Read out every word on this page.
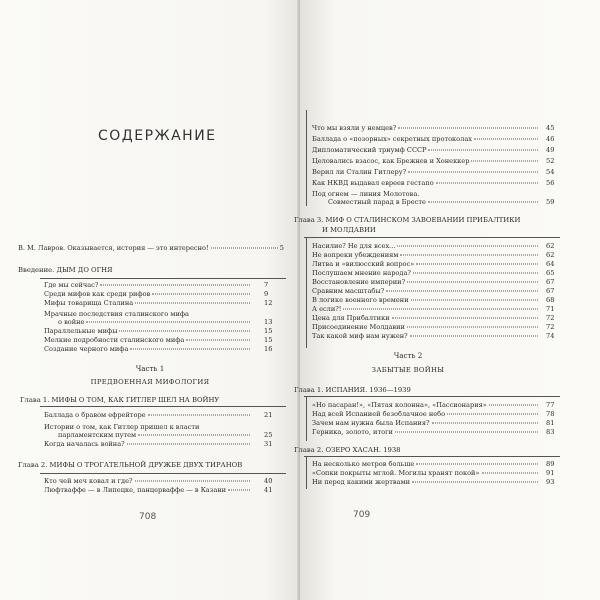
СОДЕРЖАНИЕ
В. М. Лавров. Оказывается, история — это интересно!	5
Введение. ДЫМ ДО ОГНЯ
Где мы сейчас?	7
Среди мифов как среди рифов	9
Мифы товарища Сталина	12
Мрачные последствия сталинского мифа
о войне	13
Параллельные мифы	15
Мелкие подробности сталинского мифа	15
Создание черного мифа	16
Часть 1
ПРЕДВОЕННАЯ МИФОЛОГИЯ
Глава 1. МИФЫ О ТОМ, КАК ГИТЛЕР ШЕЛ НА ВОЙНУ
Баллада о бравом ефрейторе	21
Истории о том, как Гитлер пришел к власти
парламентским путем	25
Когда началась война?	31
Глава 2. МИФЫ О ТРОГАТЕЛЬНОЙ ДРУЖБЕ ДВУХ ТИРАНОВ
Кто чей меч ковал и где?	40
Люфтваффе — в Липецке, панцерваффе — в Казани	41
708
Что мы взяли у немцев?	45
Баллада о «позорных» секретных протоколах	46
Дипломатический триумф СССР	49
Целовались взасос, как Брежнев и Хонеккер	52
Верил ли Сталин Гитлеру?	54
Как НКВД выдавал евреев гестапо	56
Под огнем — линия Молотова.
Совместный парад в Бресте	59
Глава 3. МИФ О СТАЛИНСКОМ ЗАВОЕВАНИИ ПРИБАЛТИКИ
И МОЛДАВИИ
Насилие? Не для всех...	62
Не вопреки убеждениям	62
Литва и «вилюсский вопрос»	64
Послушаем мнение народа?	65
Восстановление империи?	67
Сравним масштабы?	67
В логике военного времени	68
А если?!	71
Цена для Прибалтики	72
Присоединение Молдавии	72
Так какой миф нам нужен?	74
Часть 2
ЗАБЫТЫЕ ВОЙНЫ
Глава 1. ИСПАНИЯ. 1936—1939
«Но пасаран!», «Пятая колонна», «Пассионария»	77
Над всей Испанией безоблачное небо	78
Зачем нам нужна была Испания?	81
Герника, золото, итоги	83
Глава 2. ОЗЕРО ХАСАН. 1938
На несколько метров больше	89
«Сопки покрыты мглой. Могилы хранят покой»	91
Ни перед какими жертвами	93
709
